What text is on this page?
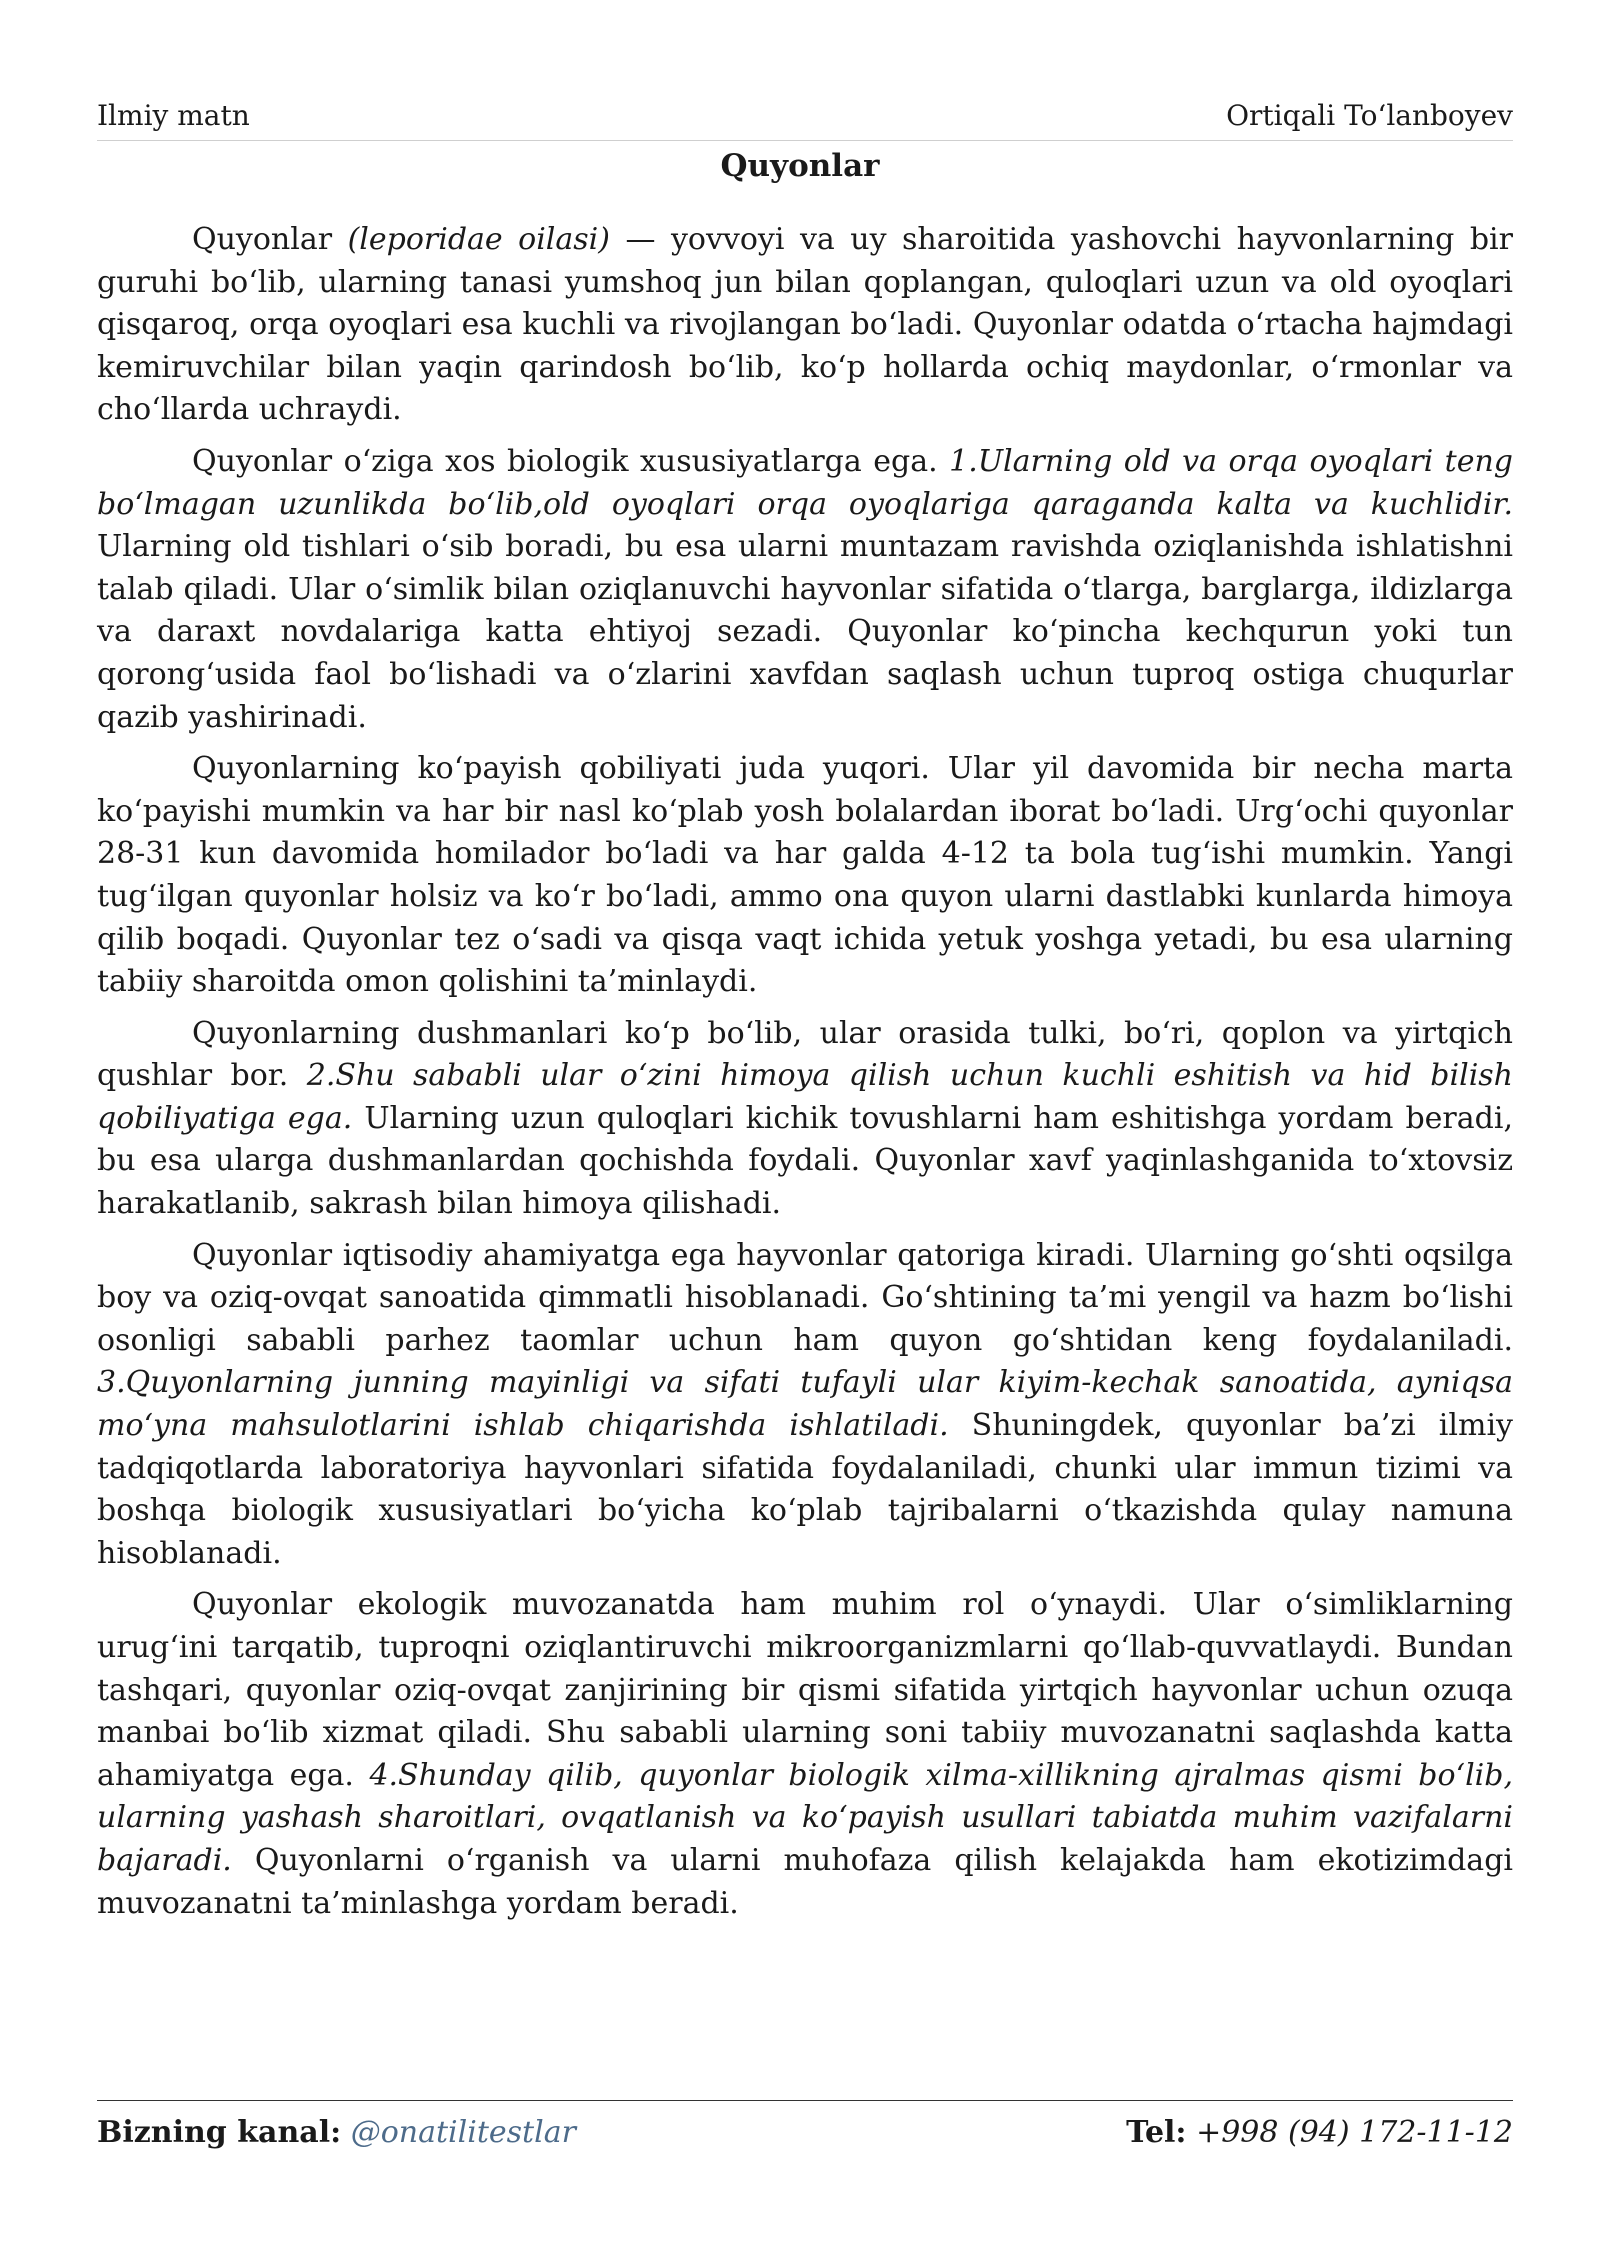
Ilmiy matn	Ortiqali To‘lanboyev
Quyonlar

Quyonlar (leporidae oilasi) — yovvoyi va uy sharoitida yashovchi hayvonlarning bir guruhi bo‘lib, ularning tanasi yumshoq jun bilan qoplangan, quloqlari uzun va old oyoqlari qisqaroq, orqa oyoqlari esa kuchli va rivojlangan bo‘ladi. Quyonlar odatda o‘rtacha hajmdagi kemiruvchilar bilan yaqin qarindosh bo‘lib, ko‘p hollarda ochiq maydonlar, o‘rmonlar va cho‘llarda uchraydi.

Quyonlar o‘ziga xos biologik xususiyatlarga ega. 1.Ularning old va orqa oyoqlari teng bo‘lmagan uzunlikda bo‘lib,old oyoqlari orqa oyoqlariga qaraganda kalta va kuchlidir. Ularning old tishlari o‘sib boradi, bu esa ularni muntazam ravishda oziqlanishda ishlatishni talab qiladi. Ular o‘simlik bilan oziqlanuvchi hayvonlar sifatida o‘tlarga, barglarga, ildizlarga va daraxt novdalariga katta ehtiyoj sezadi. Quyonlar ko‘pincha kechqurun yoki tun qorong‘usida faol bo‘lishadi va o‘zlarini xavfdan saqlash uchun tuproq ostiga chuqurlar qazib yashirinadi.

Quyonlarning ko‘payish qobiliyati juda yuqori. Ular yil davomida bir necha marta ko‘payishi mumkin va har bir nasl ko‘plab yosh bolalardan iborat bo‘ladi. Urg‘ochi quyonlar 28-31 kun davomida homilador bo‘ladi va har galda 4-12 ta bola tug‘ishi mumkin. Yangi tug‘ilgan quyonlar holsiz va ko‘r bo‘ladi, ammo ona quyon ularni dastlabki kunlarda himoya qilib boqadi. Quyonlar tez o‘sadi va qisqa vaqt ichida yetuk yoshga yetadi, bu esa ularning tabiiy sharoitda omon qolishini ta’minlaydi.

Quyonlarning dushmanlari ko‘p bo‘lib, ular orasida tulki, bo‘ri, qoplon va yirtqich qushlar bor. 2.Shu sababli ular o‘zini himoya qilish uchun kuchli eshitish va hid bilish qobiliyatiga ega. Ularning uzun quloqlari kichik tovushlarni ham eshitishga yordam beradi, bu esa ularga dushmanlardan qochishda foydali. Quyonlar xavf yaqinlashganida to‘xtovsiz harakatlanib, sakrash bilan himoya qilishadi.

Quyonlar iqtisodiy ahamiyatga ega hayvonlar qatoriga kiradi. Ularning go‘shti oqsilga boy va oziq-ovqat sanoatida qimmatli hisoblanadi. Go‘shtining ta’mi yengil va hazm bo‘lishi osonligi sababli parhez taomlar uchun ham quyon go‘shtidan keng foydalaniladi. 3.Quyonlarning junning mayinligi va sifati tufayli ular kiyim-kechak sanoatida, ayniqsa mo‘yna mahsulotlarini ishlab chiqarishda ishlatiladi. Shuningdek, quyonlar ba’zi ilmiy tadqiqotlarda laboratoriya hayvonlari sifatida foydalaniladi, chunki ular immun tizimi va boshqa biologik xususiyatlari bo‘yicha ko‘plab tajribalarni o‘tkazishda qulay namuna hisoblanadi.

Quyonlar ekologik muvozanatda ham muhim rol o‘ynaydi. Ular o‘simliklarning urug‘ini tarqatib, tuproqni oziqlantiruvchi mikroorganizmlarni qo‘llab-quvvatlaydi. Bundan tashqari, quyonlar oziq-ovqat zanjirining bir qismi sifatida yirtqich hayvonlar uchun ozuqa manbai bo‘lib xizmat qiladi. Shu sababli ularning soni tabiiy muvozanatni saqlashda katta ahamiyatga ega. 4.Shunday qilib, quyonlar biologik xilma-xillikning ajralmas qismi bo‘lib, ularning yashash sharoitlari, ovqatlanish va ko‘payish usullari tabiatda muhim vazifalarni bajaradi. Quyonlarni o‘rganish va ularni muhofaza qilish kelajakda ham ekotizimdagi muvozanatni ta’minlashga yordam beradi.

Bizning kanal: @onatilitestlar	Tel: +998 (94) 172-11-12
